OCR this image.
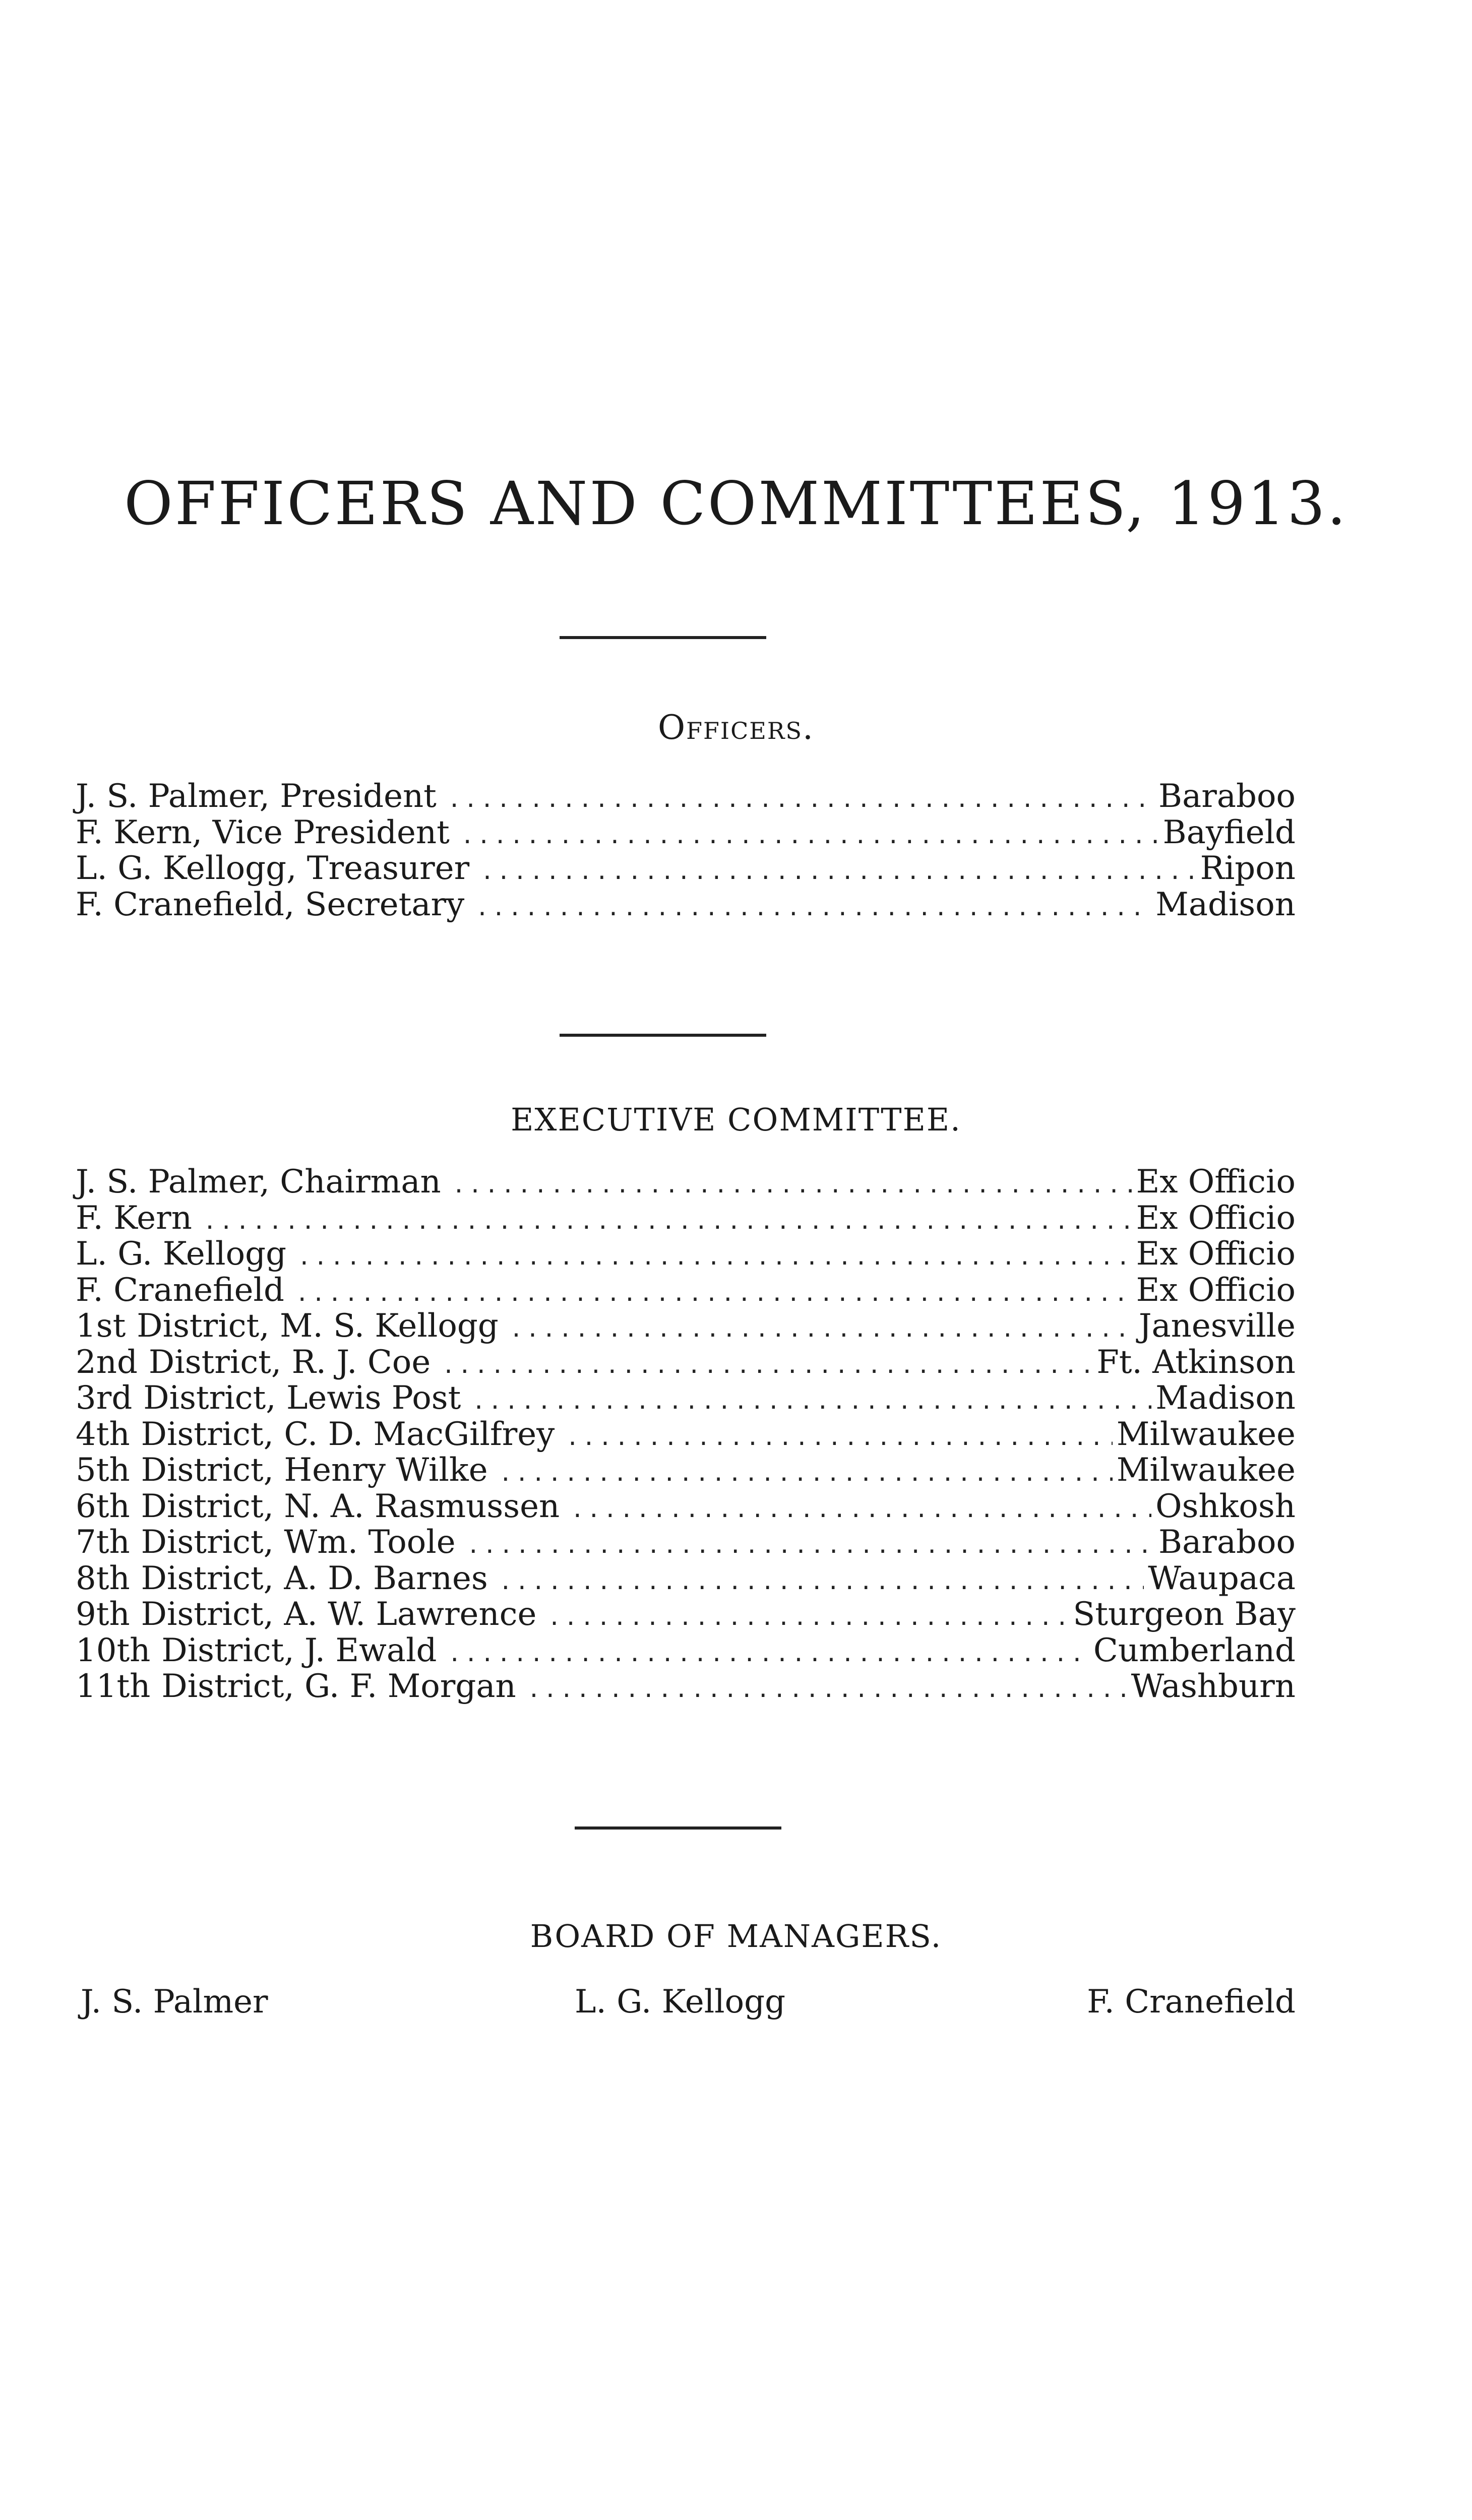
OFFICERS AND COMMITTEES, 1913.
Officers.
J. S. Palmer, President .....	Baraboo
F. Kern, Vice President .....	Bayfield
L. G. Kellogg, Treasurer .....	Ripon
F. Cranefield, Secretary .....	Madison
EXECUTIVE COMMITTEE.
J. S. Palmer, Chairman .....	Ex Officio
F. Kern .....	Ex Officio
L. G. Kellogg .....	Ex Officio
F. Cranefield .....	Ex Officio
1st District, M. S. Kellogg .....	Janesville
2nd District, R. J. Coe .....	Ft. Atkinson
3rd District, Lewis Post .....	Madison
4th District, C. D. MacGilfrey .....	Milwaukee
5th District, Henry Wilke .....	Milwaukee
6th District, N. A. Rasmussen .....	Oshkosh
7th District, Wm. Toole .....	Baraboo
8th District, A. D. Barnes .....	Waupaca
9th District, A. W. Lawrence .....	Sturgeon Bay
10th District, J. Ewald .....	Cumberland
11th District, G. F. Morgan .....	Washburn
BOARD OF MANAGERS.
J. S. Palmer	L. G. Kellogg	F. Cranefield
